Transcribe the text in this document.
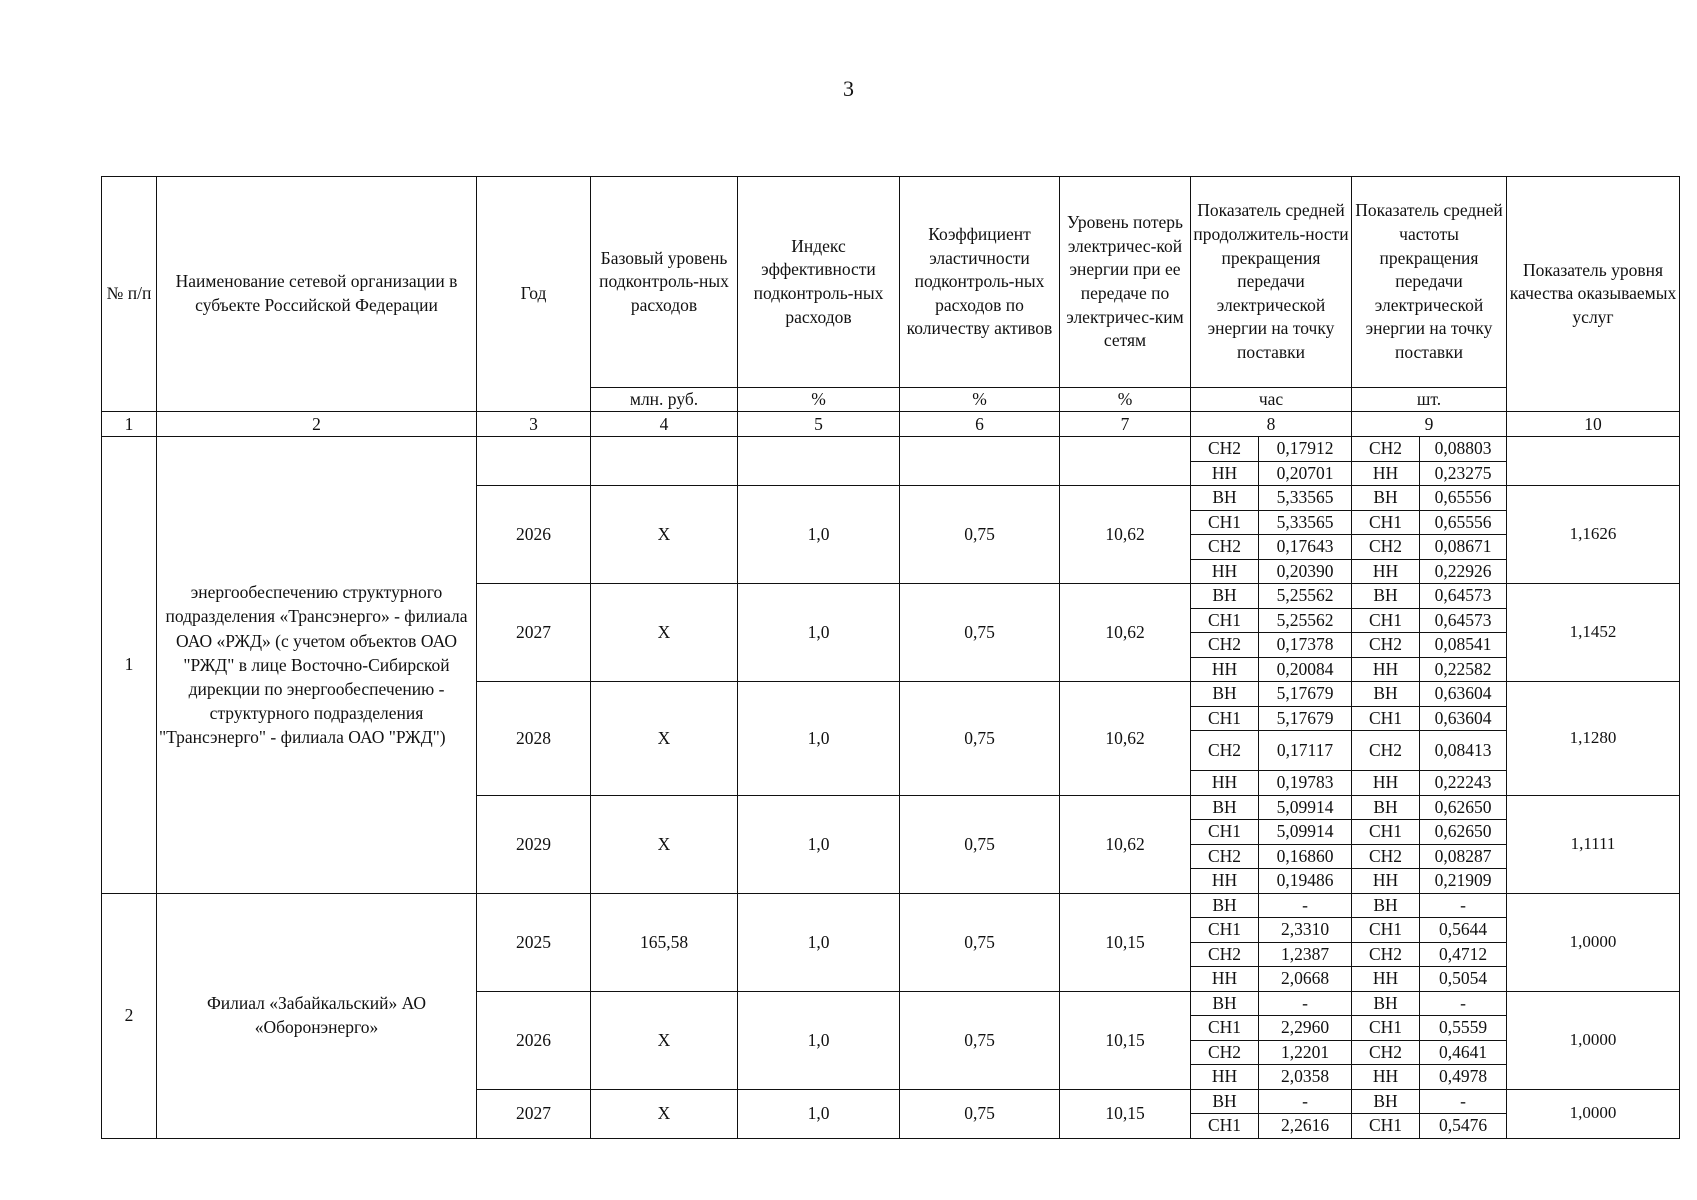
3
№ п/п	Наименование сетевой организации в субъекте Российской Федерации	Год	Базовый уровень подконтроль-ных расходов	Индекс эффективности подконтроль-ных расходов	Коэффициент эластичности подконтроль-ных расходов по количеству активов	Уровень потерь электричес-кой энергии при ее передаче по электричес-ким сетям	Показатель средней продолжитель-ности прекращения передачи электрической энергии на точку поставки		Показатель средней частоты прекращения передачи электрической энергии на точку поставки		Показатель уровня качества оказываемых услуг
			млн. руб.	%	%	%	час		шт.		
1	2	3	4	5	6	7	8		9		10
1	энергообеспечению структурного подразделения «Трансэнерго» - филиала ОАО «РЖД» (с учетом объектов ОАО "РЖД" в лице Восточно-Сибирской дирекции по энергообеспечению - структурного подразделения "Трансэнерго" - филиала ОАО "РЖД")						СН2	0,17912	СН2	0,08803	
							НН	0,20701	НН	0,23275	
		2026	X	1,0	0,75	10,62	ВН	5,33565	ВН	0,65556	1,1626
							СН1	5,33565	СН1	0,65556	
							СН2	0,17643	СН2	0,08671	
							НН	0,20390	НН	0,22926	
		2027	X	1,0	0,75	10,62	ВН	5,25562	ВН	0,64573	1,1452
							СН1	5,25562	СН1	0,64573	
							СН2	0,17378	СН2	0,08541	
							НН	0,20084	НН	0,22582	
		2028	X	1,0	0,75	10,62	ВН	5,17679	ВН	0,63604	1,1280
							СН1	5,17679	СН1	0,63604	
							СН2	0,17117	СН2	0,08413	
							НН	0,19783	НН	0,22243	
		2029	X	1,0	0,75	10,62	ВН	5,09914	ВН	0,62650	1,1111
							СН1	5,09914	СН1	0,62650	
							СН2	0,16860	СН2	0,08287	
							НН	0,19486	НН	0,21909	
2	Филиал «Забайкальский» АО «Оборонэнерго»	2025	165,58	1,0	0,75	10,15	ВН	-	ВН	-	1,0000
							СН1	2,3310	СН1	0,5644	
							СН2	1,2387	СН2	0,4712	
							НН	2,0668	НН	0,5054	
		2026	X	1,0	0,75	10,15	ВН	-	ВН	-	1,0000
							СН1	2,2960	СН1	0,5559	
							СН2	1,2201	СН2	0,4641	
							НН	2,0358	НН	0,4978	
		2027	X	1,0	0,75	10,15	ВН	-	ВН	-	1,0000
							СН1	2,2616	СН1	0,5476	
